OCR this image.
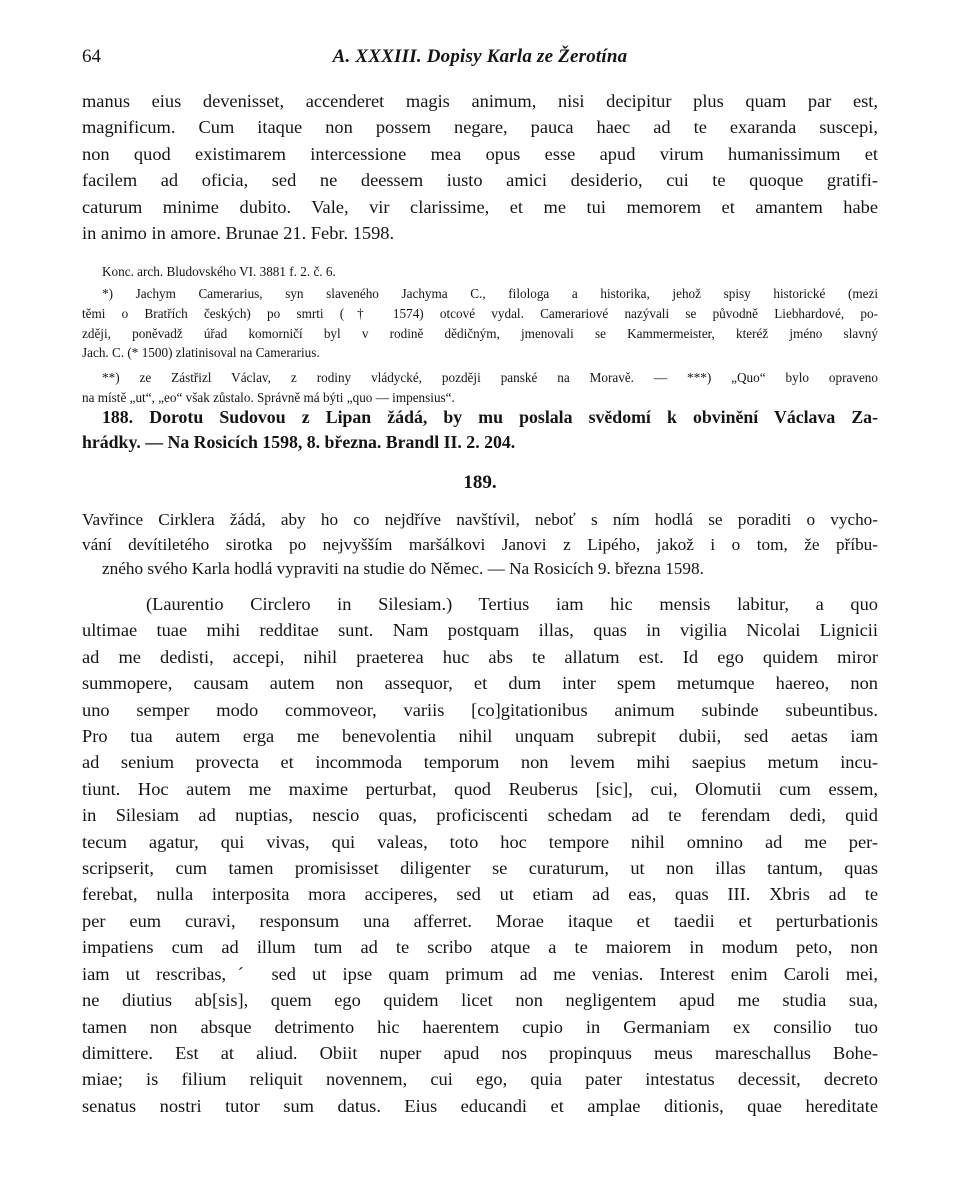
64	A. XXXIII. Dopisy Karla ze Žerotína
manus eius devenisset, accenderet magis animum, nisi decipitur plus quam par est,
magnificum. Cum itaque non possem negare, pauca haec ad te exaranda suscepi,
non quod existimarem intercessione mea opus esse apud virum humanissimum et
facilem ad oficia, sed ne deessem iusto amici desiderio, cui te quoque gratifi-
caturum minime dubito. Vale, vir clarissime, et me tui memorem et amantem habe
in animo in amore. Brunae 21. Febr. 1598.
Konc. arch. Bludovského VI. 3881 f. 2. č. 6.
*) Jachym Camerarius, syn slaveného Jachyma C., filologa a historika, jehož spisy historické (mezi
těmi o Bratřích českých) po smrti († 1574) otcové vydal. Camerariové nazývali se původně Liebhardové, po-
zději, poněvadž úřad komorničí byl v rodině dědičným, jmenovali se Kammermeister, kteréž jméno slavný
Jach. C. (* 1500) zlatinisoval na Camerarius.
**) ze Zástřizl Václav, z rodiny vládycké, později panské na Moravě. — ***) „Quo“ bylo opraveno
na místě „ut“, „eo“ však zůstalo. Správně má býti „quo — impensius“.
188. Dorotu Sudovou z Lipan žádá, by mu poslala svědomí k obvinění Václava Za-
hrádky. — Na Rosicích 1598, 8. března. Brandl II. 2. 204.
189.
Vavřince Cirklera žádá, aby ho co nejdříve navštívil, neboť s ním hodlá se poraditi o vycho-
vání devítiletého sirotka po nejvyšším maršálkovi Janovi z Lipého, jakož i o tom, že příbu-
zného svého Karla hodlá vypraviti na studie do Němec. — Na Rosicích 9. března 1598.
(Laurentio Circlero in Silesiam.) Tertius iam hic mensis labitur, a quo
ultimae tuae mihi redditae sunt. Nam postquam illas, quas in vigilia Nicolai Lignicii
ad me dedisti, accepi, nihil praeterea huc abs te allatum est. Id ego quidem miror
summopere, causam autem non assequor, et dum inter spem metumque haereo, non
uno semper modo commoveor, variis [co]gitationibus animum subinde subeuntibus.
Pro tua autem erga me benevolentia nihil unquam subrepit dubii, sed aetas iam
ad senium provecta et incommoda temporum non levem mihi saepius metum incu-
tiunt. Hoc autem me maxime perturbat, quod Reuberus [sic], cui, Olomutii cum essem,
in Silesiam ad nuptias, nescio quas, proficiscenti schedam ad te ferendam dedi, quid
tecum agatur, qui vivas, qui valeas, toto hoc tempore nihil omnino ad me per-
scripserit, cum tamen promisisset diligenter se curaturum, ut non illas tantum, quas
ferebat, nulla interposita mora acciperes, sed ut etiam ad eas, quas III. Xbris ad te
per eum curavi, responsum una afferret. Morae itaque et taedii et perturbationis
impatiens cum ad illum tum ad te scribo atque a te maiorem in modum peto, non
iam ut rescribas,ˊ sed ut ipse quam primum ad me venias. Interest enim Caroli mei,
ne diutius ab[sis], quem ego quidem licet non negligentem apud me studia sua,
tamen non absque detrimento hic haerentem cupio in Germaniam ex consilio tuo
dimittere. Est at aliud. Obiit nuper apud nos propinquus meus mareschallus Bohe-
miae; is filium reliquit novennem, cui ego, quia pater intestatus decessit, decreto
senatus nostri tutor sum datus. Eius educandi et amplae ditionis, quae hereditate
